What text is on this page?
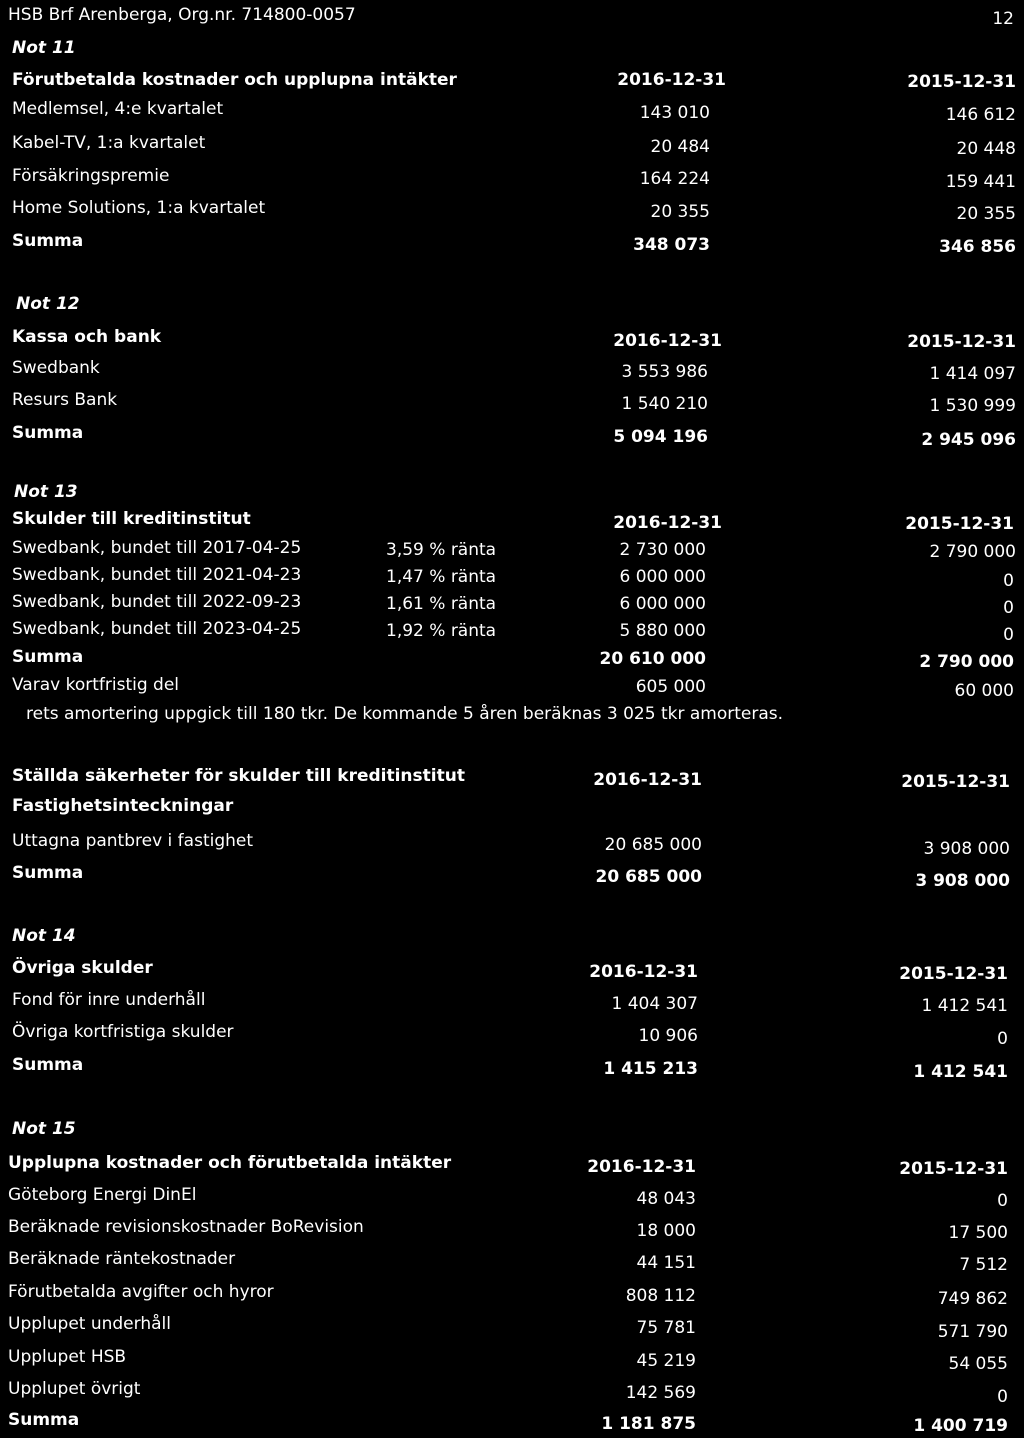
HSB Brf Arenberga, Org.nr. 714800-0057	12
Not 11
Förutbetalda kostnader och upplupna intäkter	2016-12-31	2015-12-31
Medlemsel, 4:e kvartalet	143 010	146 612
Kabel-TV, 1:a kvartalet	20 484	20 448
Försäkringspremie	164 224	159 441
Home Solutions, 1:a kvartalet	20 355	20 355
Summa	348 073	346 856
Not 12
Kassa och bank	2016-12-31	2015-12-31
Swedbank	3 553 986	1 414 097
Resurs Bank	1 540 210	1 530 999
Summa	5 094 196	2 945 096
Not 13
Skulder till kreditinstitut	2016-12-31	2015-12-31
Swedbank, bundet till 2017-04-25	3,59 % ränta	2 730 000	2 790 000
Swedbank, bundet till 2021-04-23	1,47 % ränta	6 000 000	0
Swedbank, bundet till 2022-09-23	1,61 % ränta	6 000 000	0
Swedbank, bundet till 2023-04-25	1,92 % ränta	5 880 000	0
Summa	20 610 000	2 790 000
Varav kortfristig del	605 000	60 000
rets amortering uppgick till 180 tkr. De kommande 5 åren beräknas 3 025 tkr amorteras.
Ställda säkerheter för skulder till kreditinstitut	2016-12-31	2015-12-31
Fastighetsinteckningar
Uttagna pantbrev i fastighet	20 685 000	3 908 000
Summa	20 685 000	3 908 000
Not 14
Övriga skulder	2016-12-31	2015-12-31
Fond för inre underhåll	1 404 307	1 412 541
Övriga kortfristiga skulder	10 906	0
Summa	1 415 213	1 412 541
Not 15
Upplupna kostnader och förutbetalda intäkter	2016-12-31	2015-12-31
Göteborg Energi DinEl	48 043	0
Beräknade revisionskostnader BoRevision	18 000	17 500
Beräknade räntekostnader	44 151	7 512
Förutbetalda avgifter och hyror	808 112	749 862
Upplupet underhåll	75 781	571 790
Upplupet HSB	45 219	54 055
Upplupet övrigt	142 569	0
Summa	1 181 875	1 400 719
